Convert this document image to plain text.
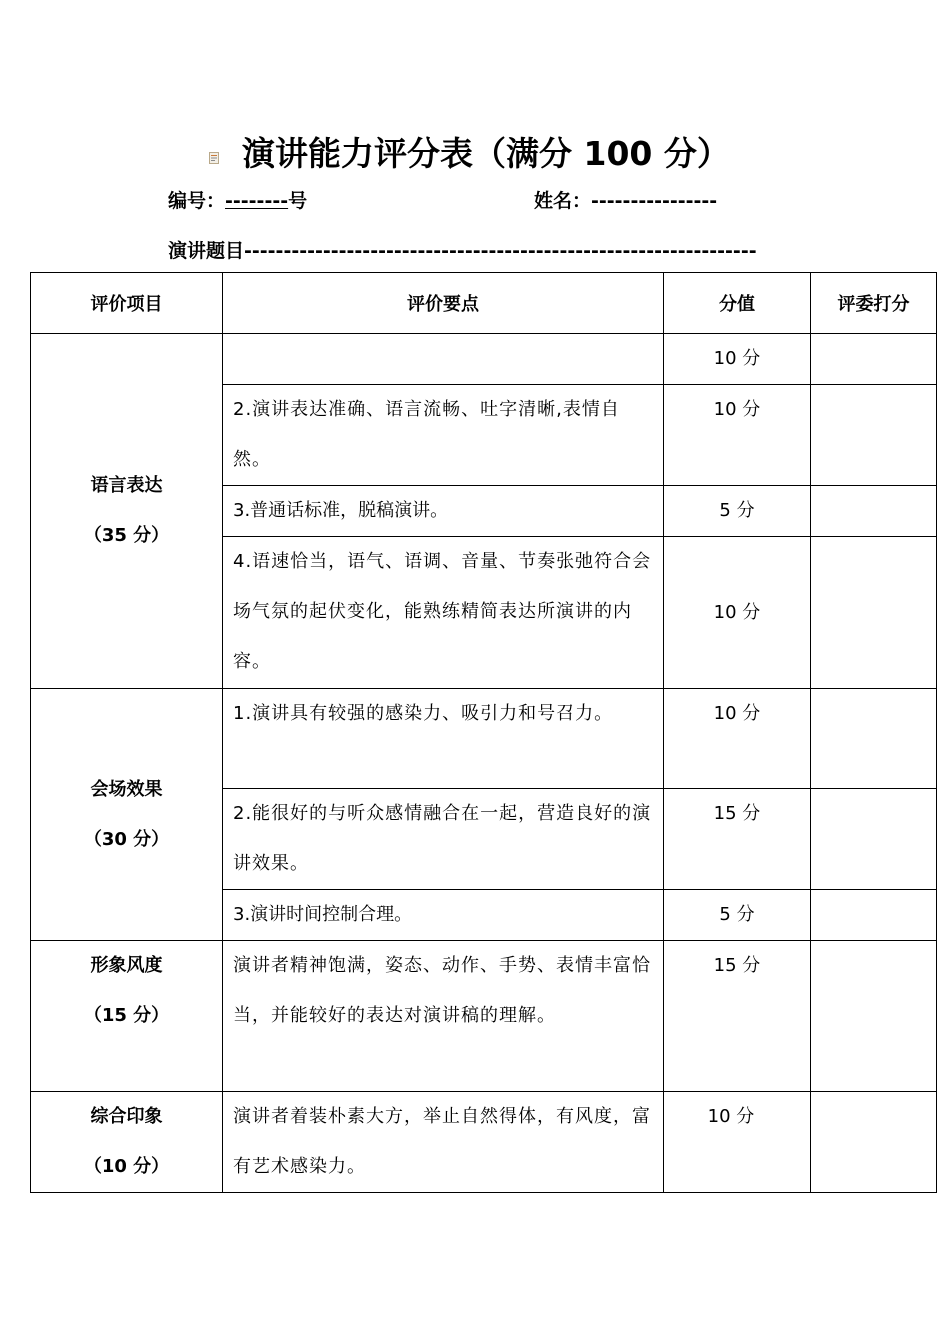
演讲能力评分表（满分 100 分）
编号：--------号	姓名：----------------
演讲题目-----------------------------------------------------------------
评价项目	评价要点	分值	评委打分

语言表达
（35 分）		10 分	
	2.演讲表达准确、语言流畅、吐字清晰,表情自然。	10 分	
	3.普通话标准，脱稿演讲。	5 分	
	4.语速恰当，语气、语调、音量、节奏张弛符合会场气氛的起伏变化，能熟练精简表达所演讲的内容。	10 分	

会场效果
（30 分）	1.演讲具有较强的感染力、吸引力和号召力。	10 分	
	2.能很好的与听众感情融合在一起，营造良好的演讲效果。	15 分	
	3.演讲时间控制合理。	5 分	

形象风度
（15 分）	演讲者精神饱满，姿态、动作、手势、表情丰富恰当，并能较好的表达对演讲稿的理解。	15 分	

综合印象
（10 分）	演讲者着装朴素大方，举止自然得体，有风度，富有艺术感染力。	10 分	
